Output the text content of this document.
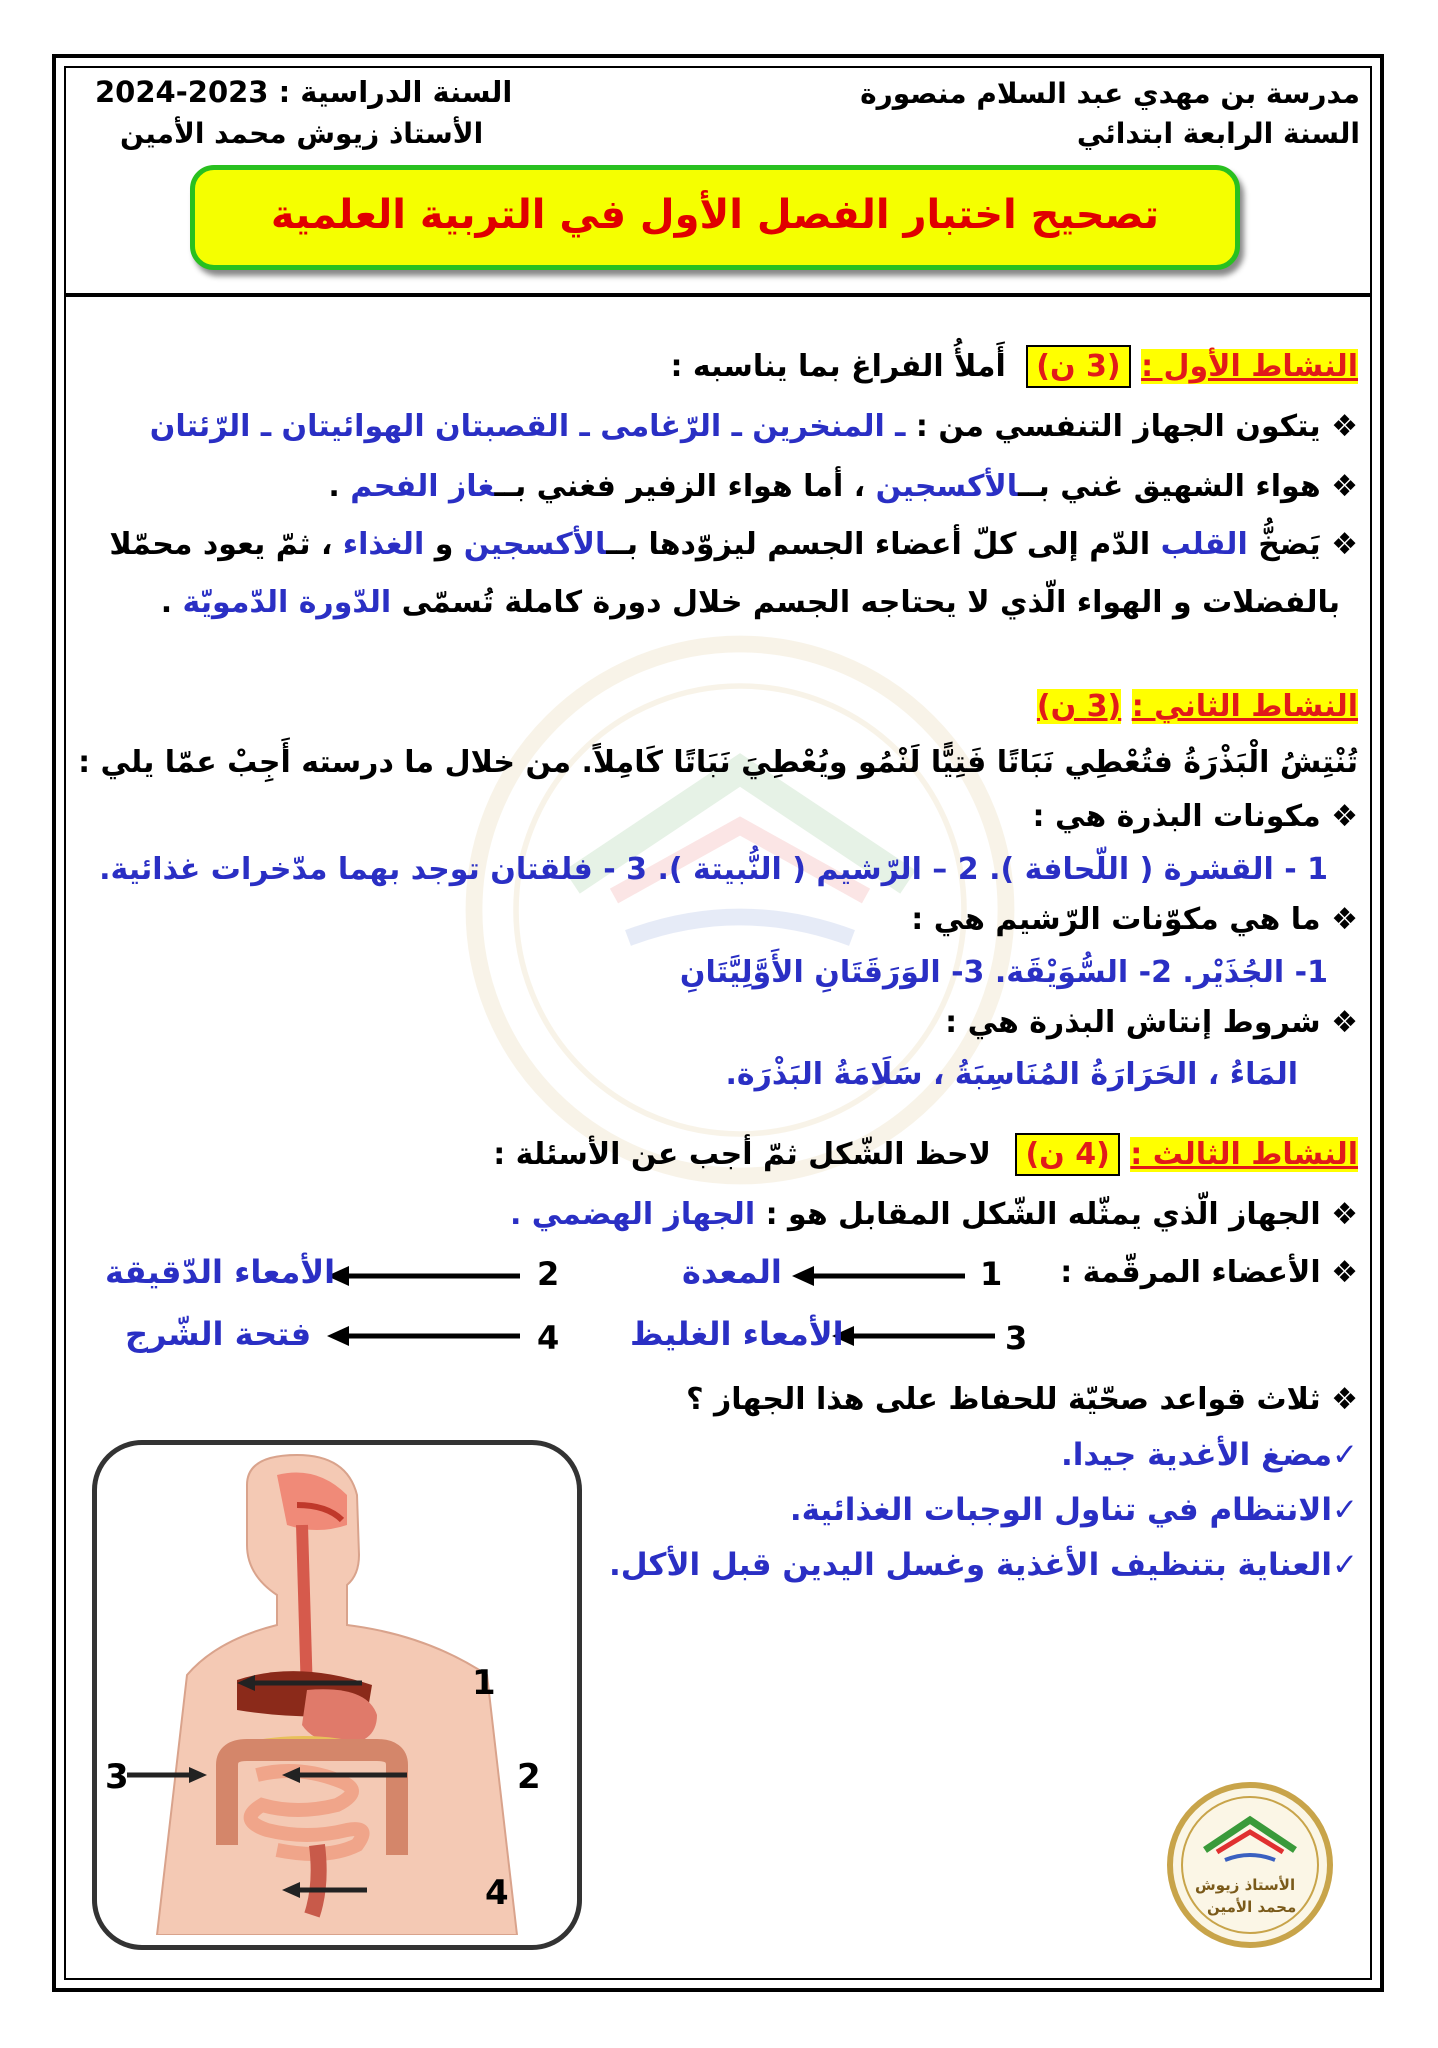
مدرسة بن مهدي عبد السلام منصورة
السنة الرابعة ابتدائي
السنة الدراسية : 2023-2024
الأستاذ زيوش محمد الأمين
تصحيح اختبار الفصل الأول في التربية العلمية
النشاط الأول : (3 ن) أَملأُ الفراغ بما يناسبه :
❖ يتكون الجهاز التنفسي من : ـ المنخرين ـ الرّغامى ـ القصبتان الهوائيتان ـ الرّئتان
❖ هواء الشهيق غني بــالأكسجين ، أما هواء الزفير فغني بــغاز الفحم .
❖ يَضخُّ القلب الدّم إلى كلّ أعضاء الجسم ليزوّدها بــالأكسجين و الغذاء ، ثمّ يعود محمّلا
بالفضلات و الهواء الّذي لا يحتاجه الجسم خلال دورة كاملة تُسمّى الدّورة الدّمويّة .
النشاط الثاني : (3 ن)
تُنْتِشُ الْبَذْرَةُ فتُعْطِي نَبَاتًا فَتِيًّا لَنْمُو ويُعْطِيَ نَبَاتًا كَامِلاً. من خلال ما درسته أَجِبْ عمّا يلي :
❖ مكونات البذرة هي :
1 - القشرة ( اللّحافة ). 2 – الرّشيم ( النُّبيتة ). 3 - فلقتان توجد بهما مدّخرات غذائية.
❖ ما هي مكوّنات الرّشيم هي :
1- الجُذَيْر. 2- السُّوَيْقَة. 3- الوَرَقَتَانِ الأَوَّلِيَّتَانِ
❖ شروط إنتاش البذرة هي :
المَاءُ ، الحَرَارَةُ المُنَاسِبَةُ ، سَلَامَةُ البَذْرَة.
النشاط الثالث : (4 ن) لاحظ الشّكل ثمّ أجب عن الأسئلة :
❖ الجهاز الّذي يمثّله الشّكل المقابل هو : الجهاز الهضمي .
❖ الأعضاء المرقّمة :
1
المعدة
2
الأمعاء الدّقيقة
3
الأمعاء الغليظ
4
فتحة الشّرج
❖ ثلاث قواعد صحّيّة للحفاظ على هذا الجهاز ؟
✓مضغ الأغدية جيدا.
✓الانتظام في تناول الوجبات الغذائية.
✓العناية بتنظيف الأغذية وغسل اليدين قبل الأكل.
1
2
3
4	الأستاذ زيوش
محمد الأمين
